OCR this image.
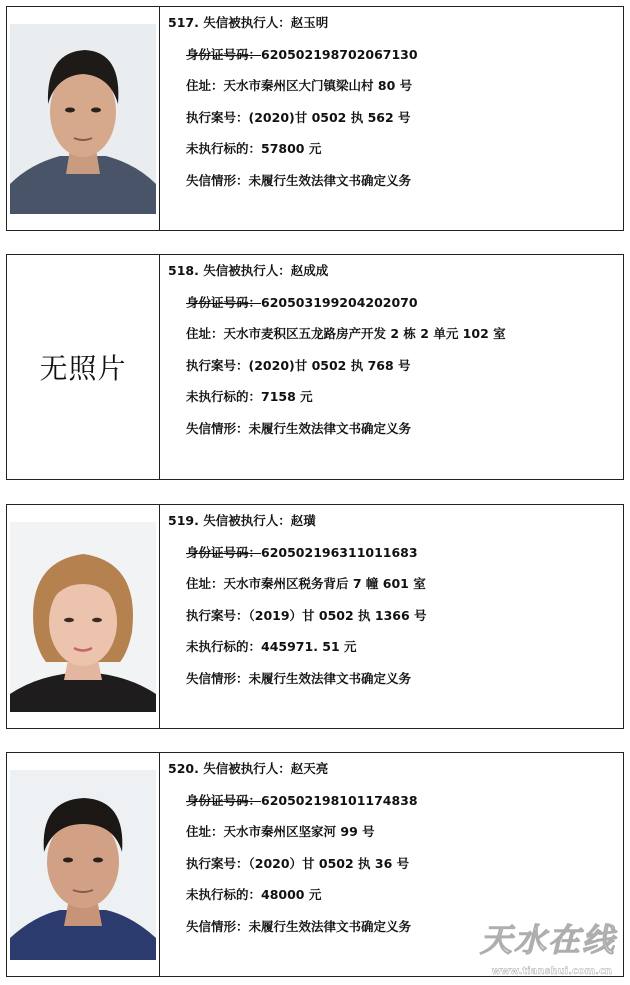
517. 失信被执行人：赵玉明
身份证号码：620502198702067130
住址：天水市秦州区大门镇梁山村 80 号
执行案号：(2020)甘 0502 执 562 号
未执行标的：57800 元
失信情形：未履行生效法律文书确定义务
无照片
518. 失信被执行人：赵成成
身份证号码：620503199204202070
住址：天水市麦积区五龙路房产开发 2 栋 2 单元 102 室
执行案号：(2020)甘 0502 执 768 号
未执行标的：7158 元
失信情形：未履行生效法律文书确定义务
519. 失信被执行人：赵璜
身份证号码：620502196311011683
住址：天水市秦州区税务背后 7 幢 601 室
执行案号：（2019）甘 0502 执 1366 号
未执行标的：445971. 51 元
失信情形：未履行生效法律文书确定义务
520. 失信被执行人：赵天亮
身份证号码：620502198101174838
住址：天水市秦州区坚家河 99 号
执行案号：（2020）甘 0502 执 36 号
未执行标的：48000 元
失信情形：未履行生效法律文书确定义务	天水在线
www.tianshui.com.cn
